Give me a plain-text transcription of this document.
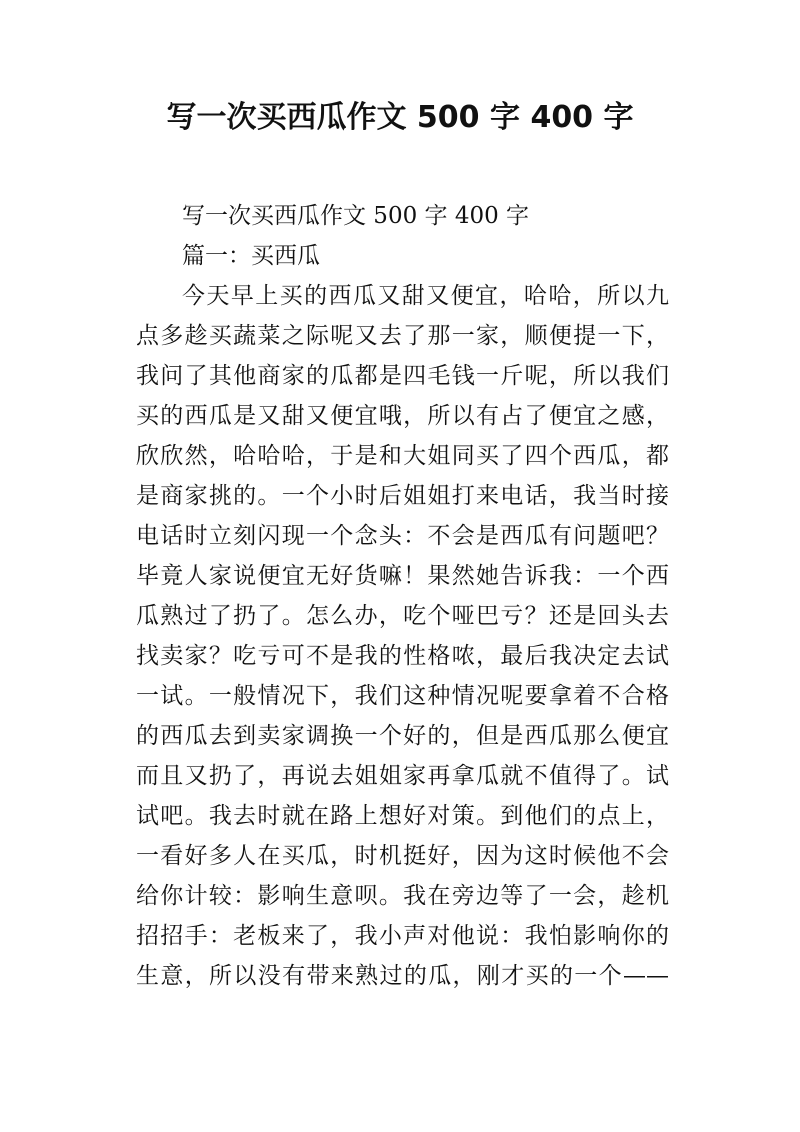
写一次买西瓜作文 500 字 400 字
写一次买西瓜作文 500 字 400 字
篇一：买西瓜
今天早上买的西瓜又甜又便宜，哈哈，所以九
点多趁买蔬菜之际呢又去了那一家，顺便提一下，
我问了其他商家的瓜都是四毛钱一斤呢，所以我们
买的西瓜是又甜又便宜哦，所以有占了便宜之感，
欣欣然，哈哈哈，于是和大姐同买了四个西瓜，都
是商家挑的。一个小时后姐姐打来电话，我当时接
电话时立刻闪现一个念头：不会是西瓜有问题吧？
毕竟人家说便宜无好货嘛！果然她告诉我：一个西
瓜熟过了扔了。怎么办，吃个哑巴亏？还是回头去
找卖家？吃亏可不是我的性格哝，最后我决定去试
一试。一般情况下，我们这种情况呢要拿着不合格
的西瓜去到卖家调换一个好的，但是西瓜那么便宜
而且又扔了，再说去姐姐家再拿瓜就不值得了。试
试吧。我去时就在路上想好对策。到他们的点上，
一看好多人在买瓜，时机挺好，因为这时候他不会
给你计较：影响生意呗。我在旁边等了一会，趁机
招招手：老板来了，我小声对他说：我怕影响你的
生意，所以没有带来熟过的瓜，刚才买的一个——
